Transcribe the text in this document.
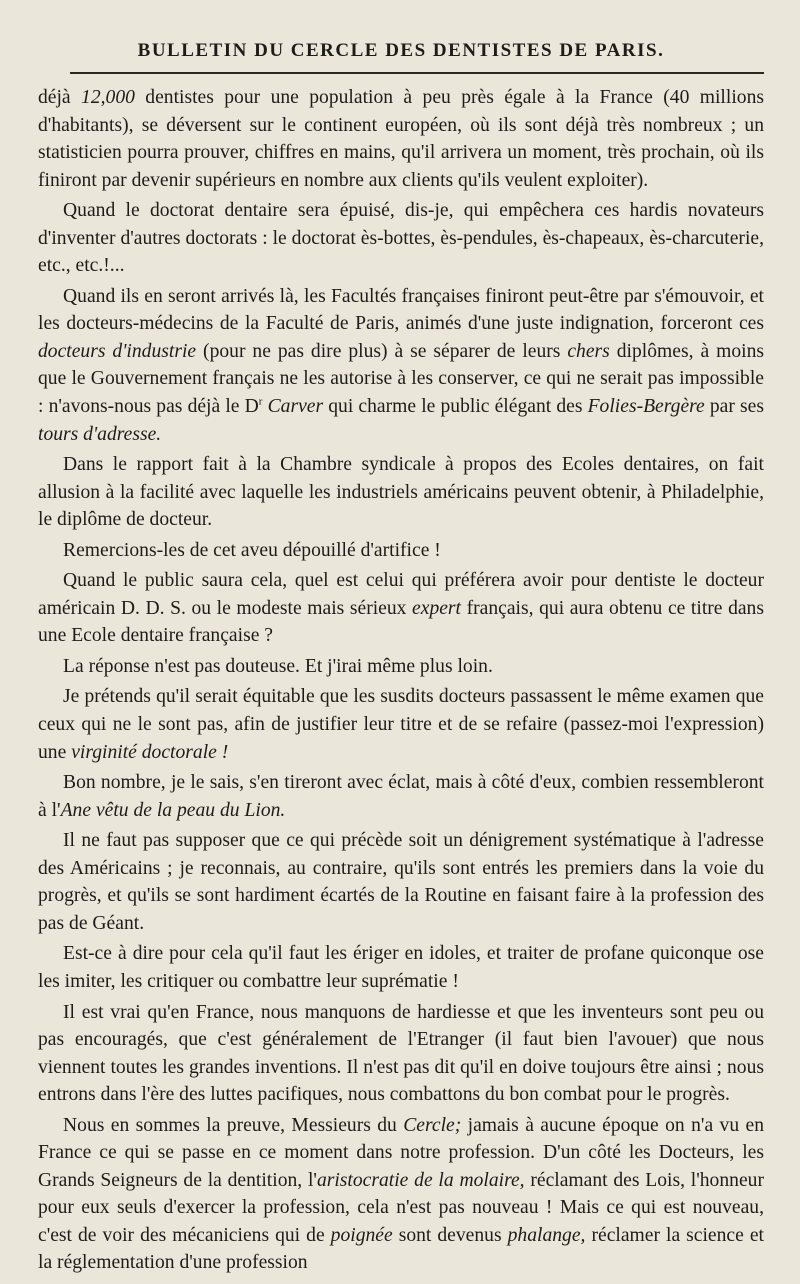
BULLETIN DU CERCLE DES DENTISTES DE PARIS.

déjà 12,000 dentistes pour une population à peu près égale à la France (40 millions d'habitants), se déversent sur le continent européen, où ils sont déjà très nombreux ; un statisticien pourra prouver, chiffres en mains, qu'il arrivera un moment, très prochain, où ils finiront par devenir supérieurs en nombre aux clients qu'ils veulent exploiter).

Quand le doctorat dentaire sera épuisé, dis-je, qui empêchera ces hardis novateurs d'inventer d'autres doctorats : le doctorat ès-bottes, ès-pendules, ès-chapeaux, ès-charcuterie, etc., etc.!...

Quand ils en seront arrivés là, les Facultés françaises finiront peut-être par s'émouvoir, et les docteurs-médecins de la Faculté de Paris, animés d'une juste indignation, forceront ces docteurs d'industrie (pour ne pas dire plus) à se séparer de leurs chers diplômes, à moins que le Gouvernement français ne les autorise à les conserver, ce qui ne serait pas impossible : n'avons-nous pas déjà le $D^r$ Carver qui charme le public élégant des Folies-Bergère par ses tours d'adresse.

Dans le rapport fait à la Chambre syndicale à propos des Ecoles dentaires, on fait allusion à la facilité avec laquelle les industriels américains peuvent obtenir, à Philadelphie, le diplôme de docteur.

Remercions-les de cet aveu dépouillé d'artifice !

Quand le public saura cela, quel est celui qui préférera avoir pour dentiste le docteur américain D. D. S. ou le modeste mais sérieux expert français, qui aura obtenu ce titre dans une Ecole dentaire française ?

La réponse n'est pas douteuse. Et j'irai même plus loin.

Je prétends qu'il serait équitable que les susdits docteurs passassent le même examen que ceux qui ne le sont pas, afin de justifier leur titre et de se refaire (passez-moi l'expression) une virginité doctorale !

Bon nombre, je le sais, s'en tireront avec éclat, mais à côté d'eux, combien ressembleront à l'Ane vêtu de la peau du Lion.

Il ne faut pas supposer que ce qui précède soit un dénigrement systématique à l'adresse des Américains ; je reconnais, au contraire, qu'ils sont entrés les premiers dans la voie du progrès, et qu'ils se sont hardiment écartés de la Routine en faisant faire à la profession des pas de Géant.

Est-ce à dire pour cela qu'il faut les ériger en idoles, et traiter de profane quiconque ose les imiter, les critiquer ou combattre leur suprématie !

Il est vrai qu'en France, nous manquons de hardiesse et que les inventeurs sont peu ou pas encouragés, que c'est généralement de l'Etranger (il faut bien l'avouer) que nous viennent toutes les grandes inventions. Il n'est pas dit qu'il en doive toujours être ainsi ; nous entrons dans l'ère des luttes pacifiques, nous combattons du bon combat pour le progrès.

Nous en sommes la preuve, Messieurs du Cercle; jamais à aucune époque on n'a vu en France ce qui se passe en ce moment dans notre profession. D'un côté les Docteurs, les Grands Seigneurs de la dentition, l'aristocratie de la molaire, réclamant des Lois, l'honneur pour eux seuls d'exercer la profession, cela n'est pas nouveau ! Mais ce qui est nouveau, c'est de voir des mécaniciens qui de poignée sont devenus phalange, réclamer la science et la réglementation d'une profession
